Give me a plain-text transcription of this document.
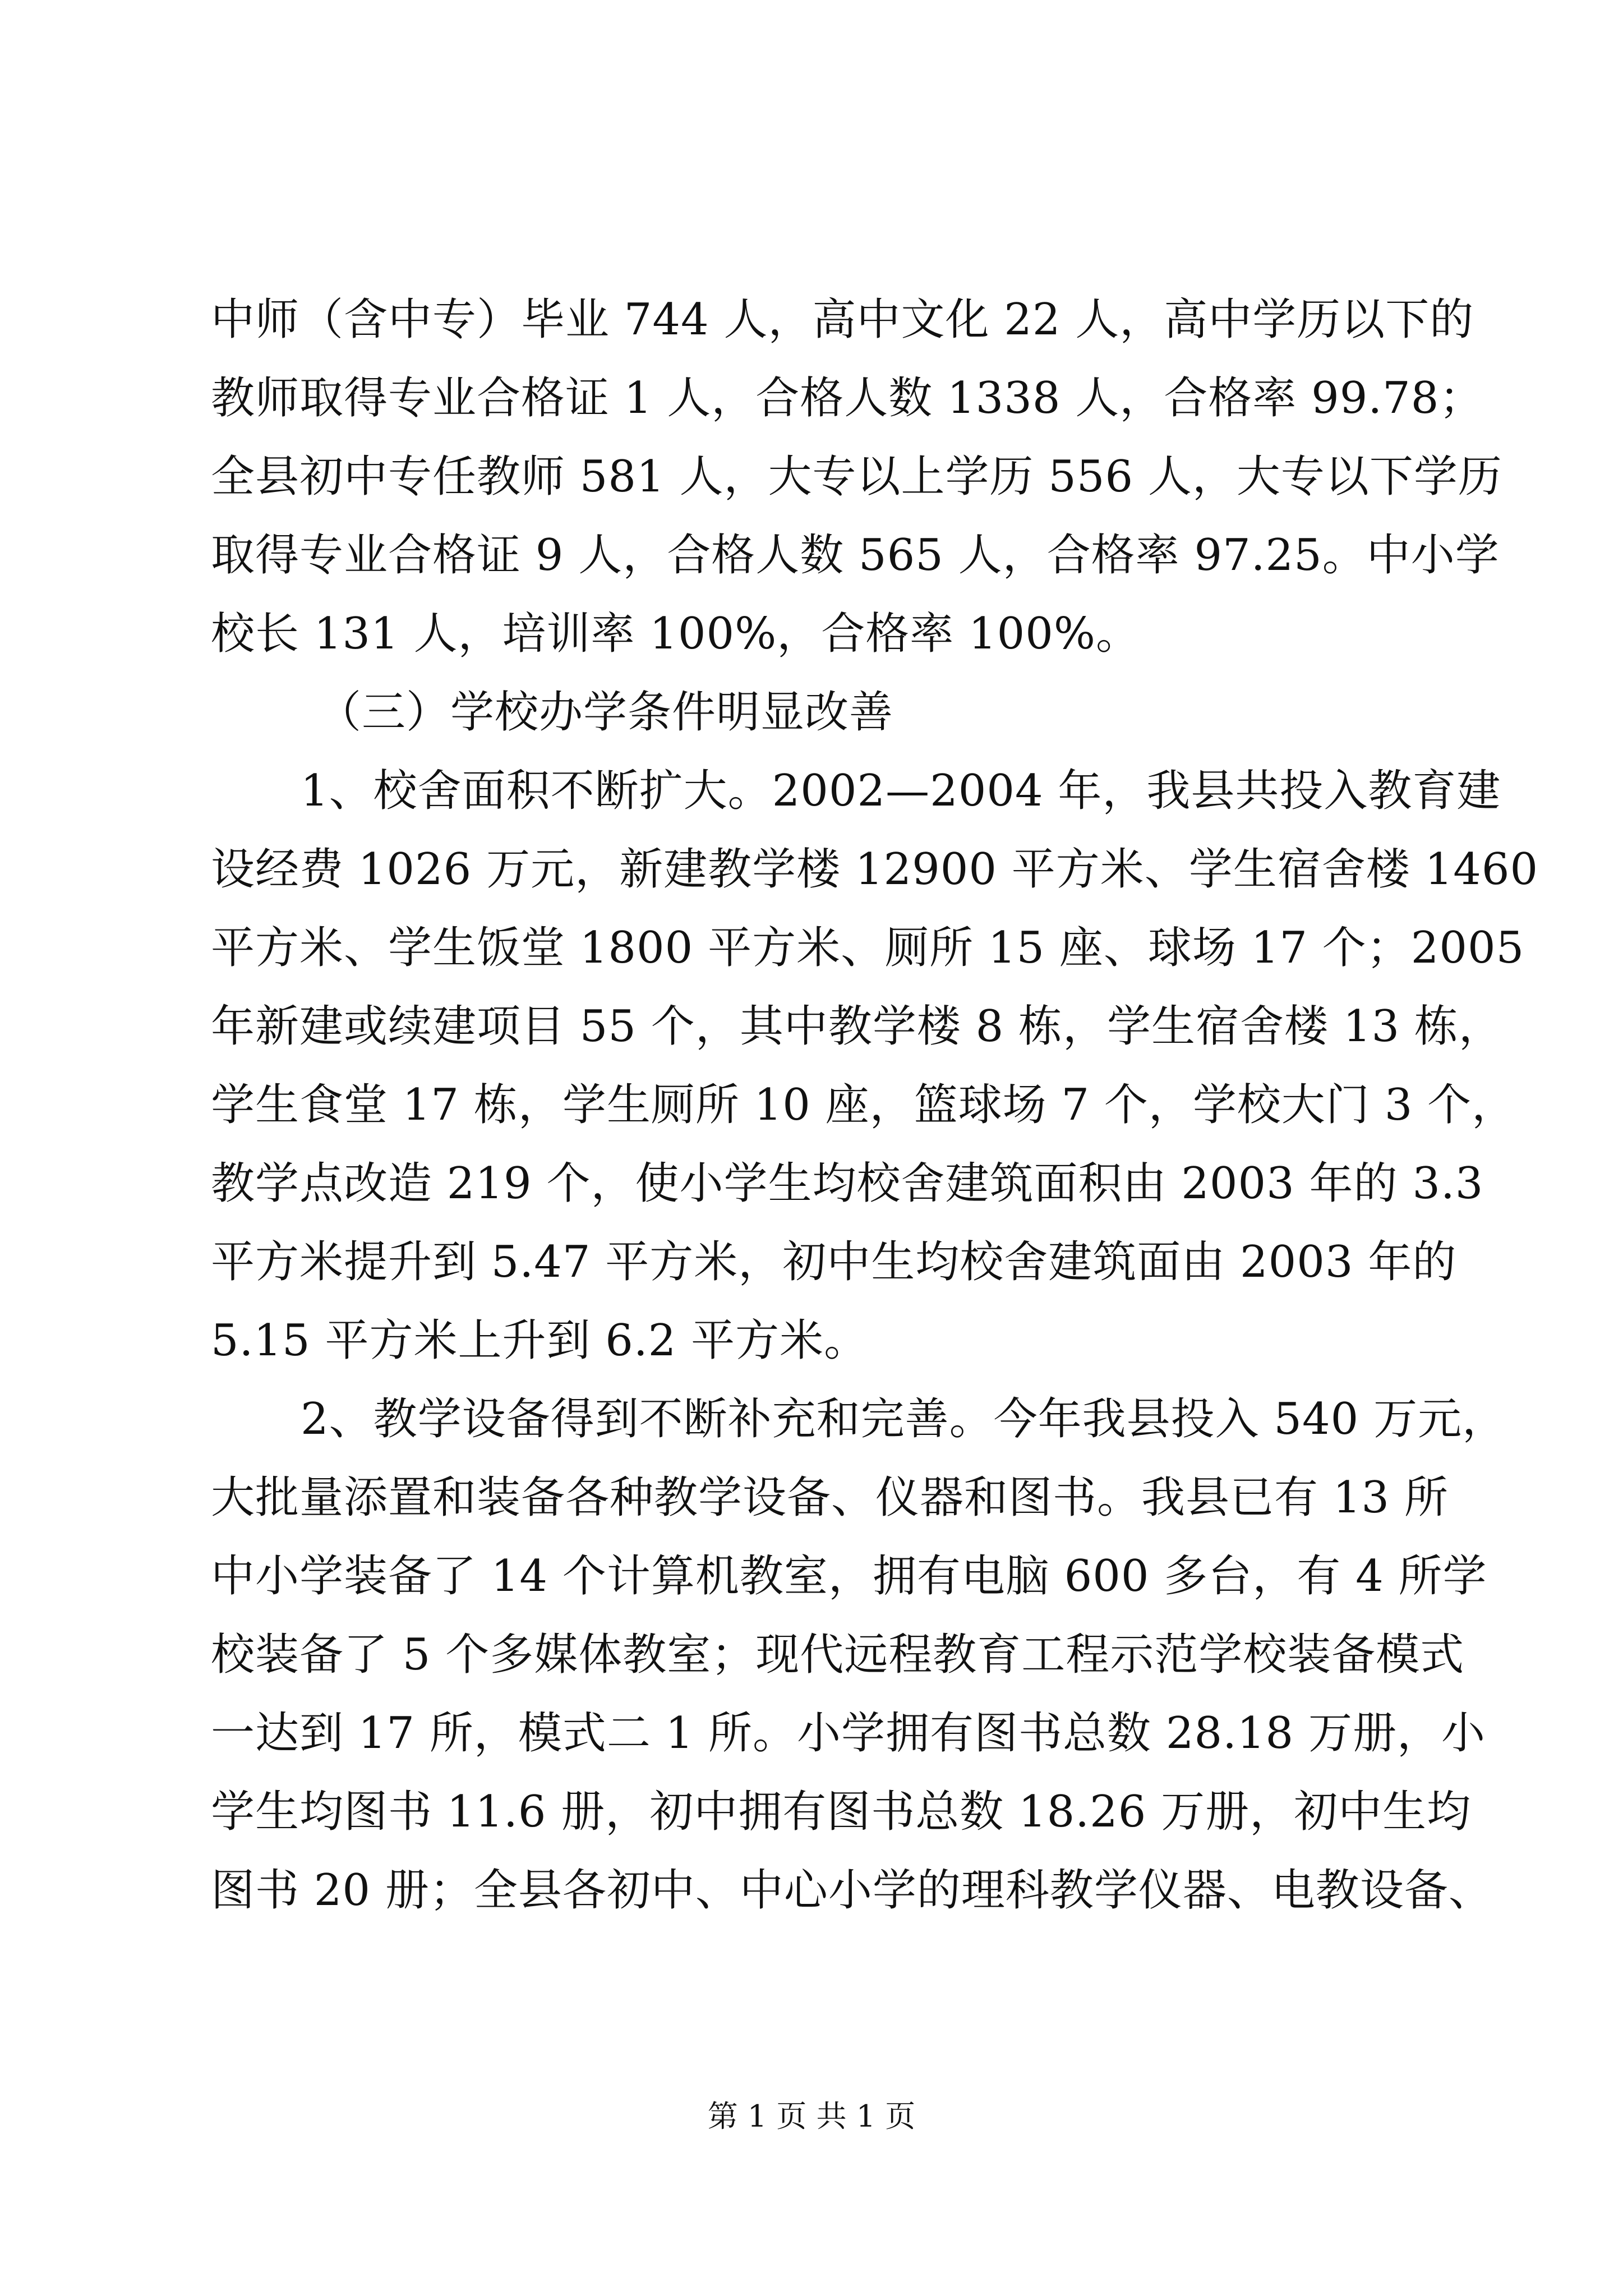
中师（含中专）毕业 744 人，高中文化 22 人，高中学历以下的
教师取得专业合格证 1 人，合格人数 1338 人，合格率 99.78；
全县初中专任教师 581 人，大专以上学历 556 人，大专以下学历
取得专业合格证 9 人，合格人数 565 人，合格率 97.25。中小学
校长 131 人，培训率 100%，合格率 100%。
（三）学校办学条件明显改善
1、校舍面积不断扩大。2002—2004 年，我县共投入教育建
设经费 1026 万元，新建教学楼 12900 平方米、学生宿舍楼 1460
平方米、学生饭堂 1800 平方米、厕所 15 座、球场 17 个；2005
年新建或续建项目 55 个，其中教学楼 8 栋，学生宿舍楼 13 栋，
学生食堂 17 栋，学生厕所 10 座，篮球场 7 个，学校大门 3 个，
教学点改造 219 个，使小学生均校舍建筑面积由 2003 年的 3.3
平方米提升到 5.47 平方米，初中生均校舍建筑面由 2003 年的
5.15 平方米上升到 6.2 平方米。
2、教学设备得到不断补充和完善。今年我县投入 540 万元，
大批量添置和装备各种教学设备、仪器和图书。我县已有 13 所
中小学装备了 14 个计算机教室，拥有电脑 600 多台，有 4 所学
校装备了 5 个多媒体教室；现代远程教育工程示范学校装备模式
一达到 17 所，模式二 1 所。小学拥有图书总数 28.18 万册，小
学生均图书 11.6 册，初中拥有图书总数 18.26 万册，初中生均
图书 20 册；全县各初中、中心小学的理科教学仪器、电教设备、
第 1 页 共 1 页
